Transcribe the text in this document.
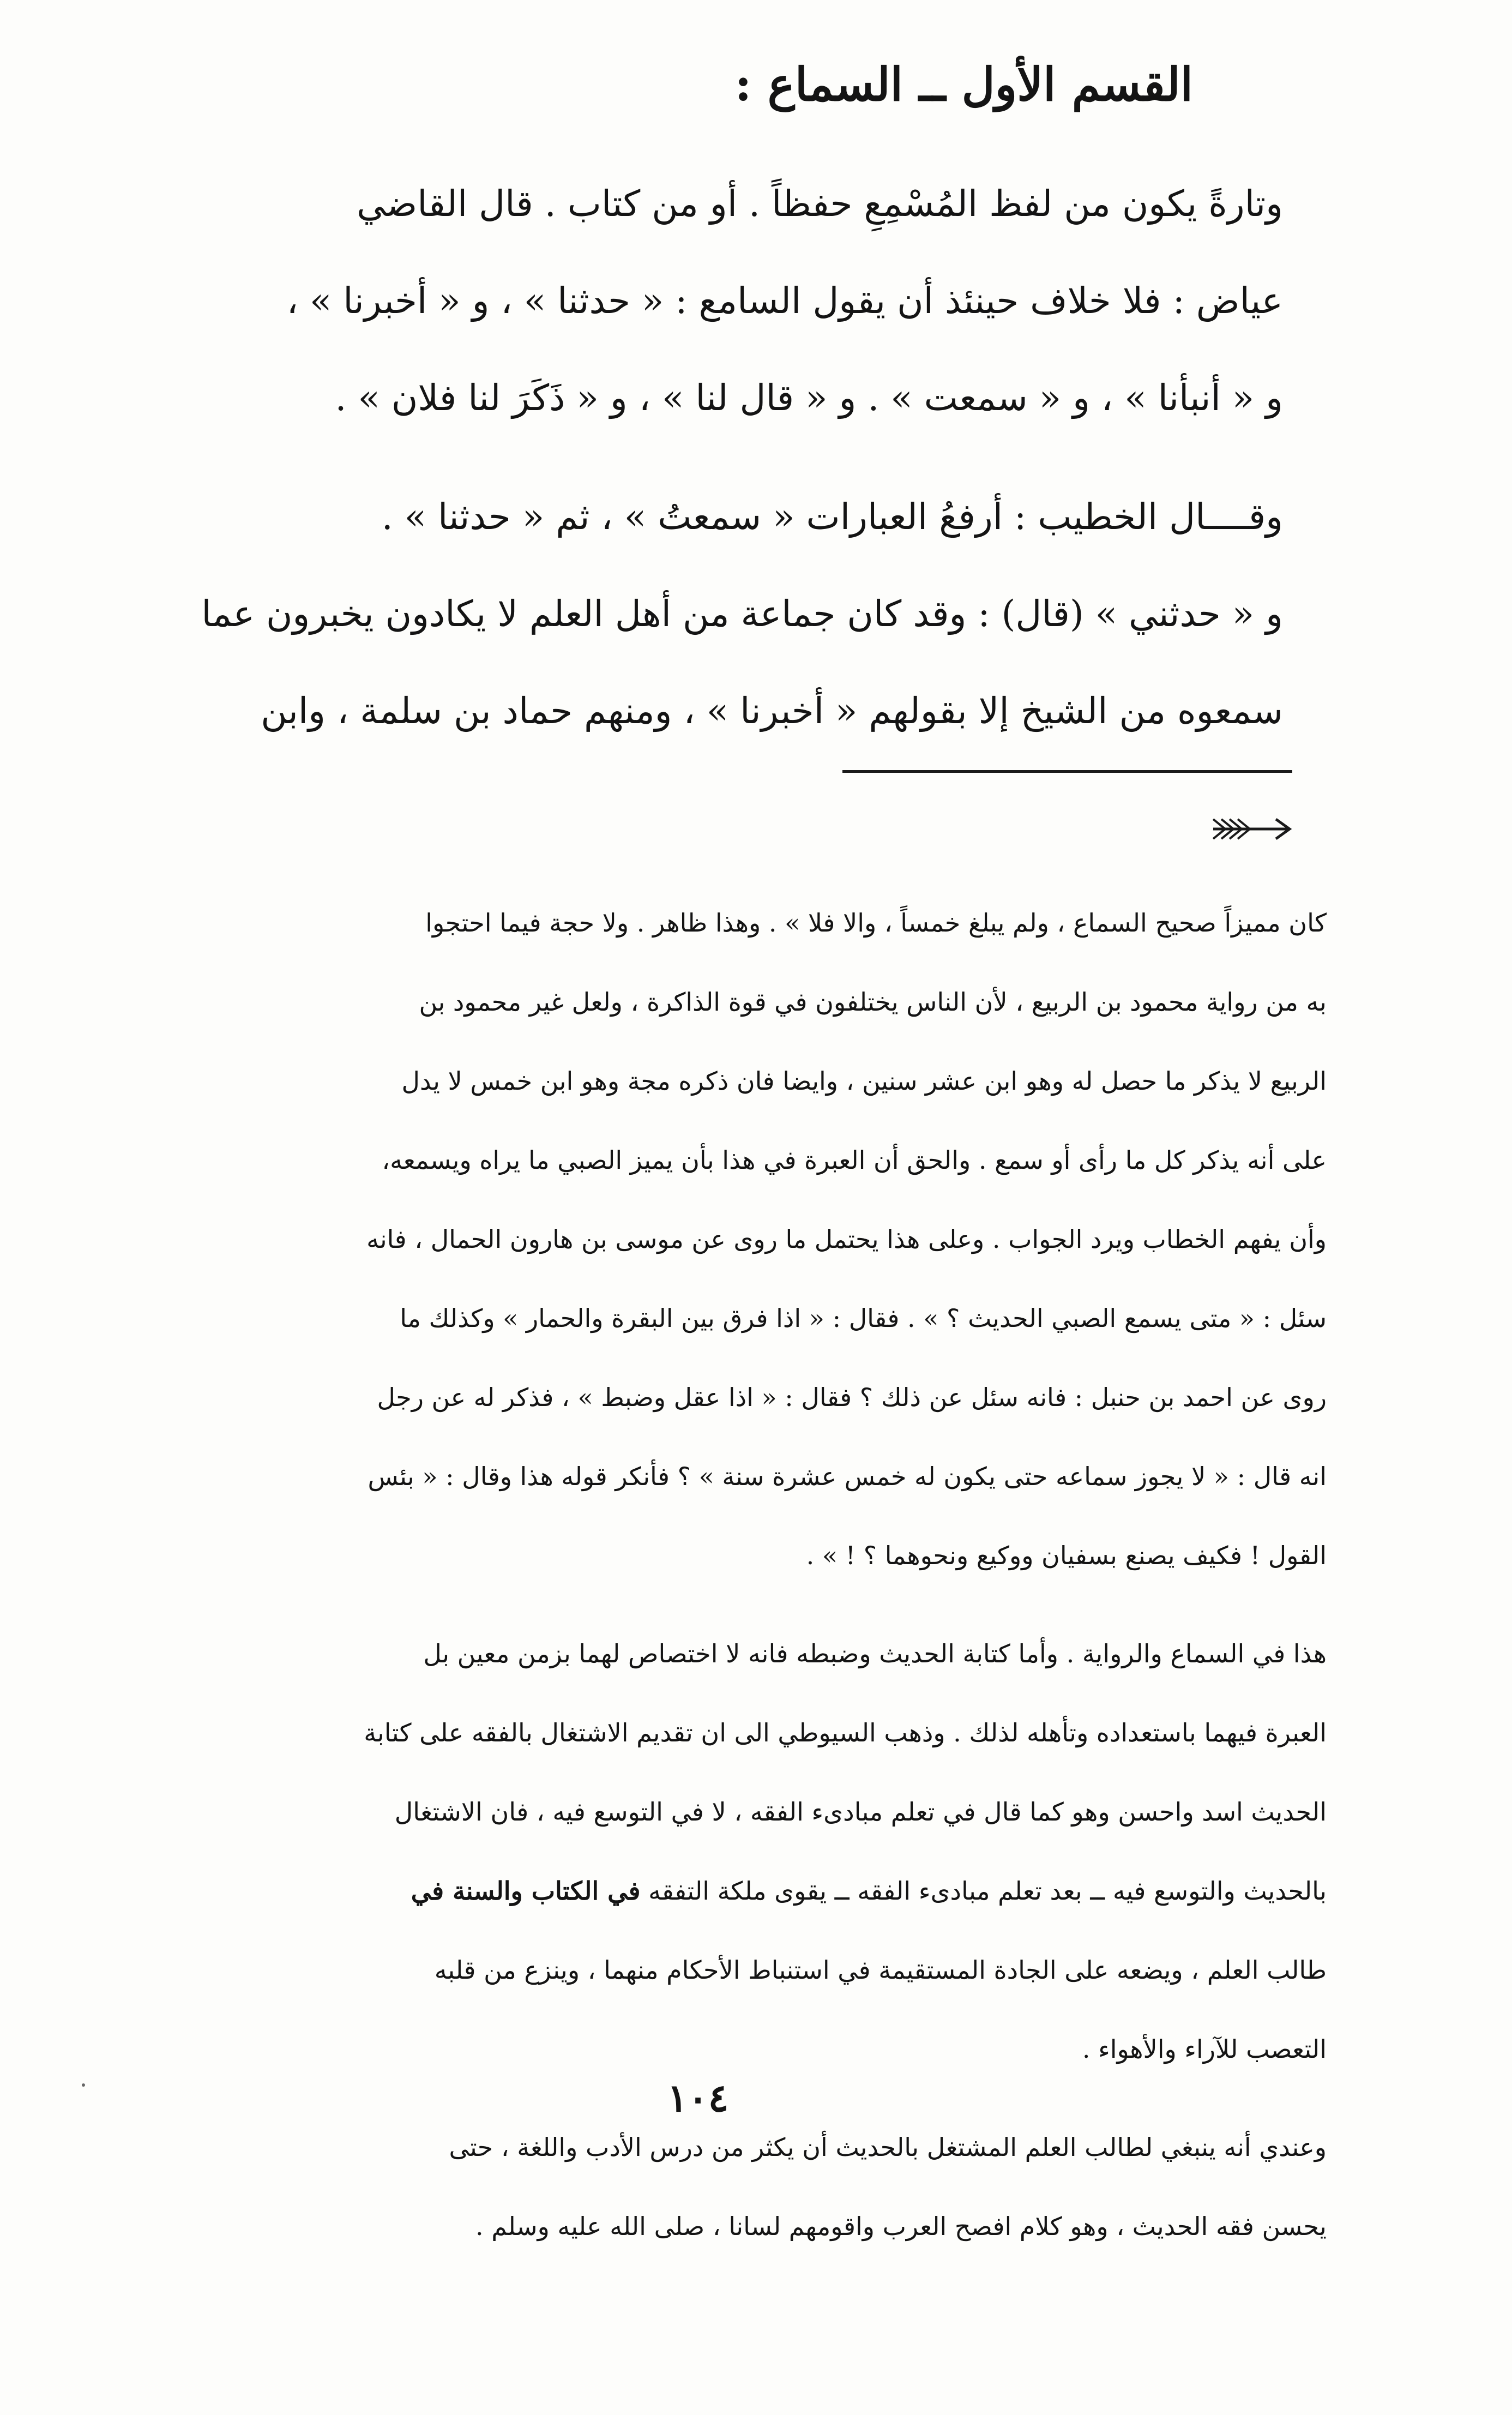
القسم الأول ــ السماع :

وتارةً يكون من لفظ المُسْمِعِ حفظاً . أو من كتاب . قال القاضي
عياض : فلا خلاف حينئذ أن يقول السامع : « حدثنا » ، و « أخبرنا » ،
و « أنبأنا » ، و « سمعت » . و « قال لنا » ، و « ذَكَرَ لنا فلان » .

وقــــال الخطيب : أرفعُ العبارات « سمعتُ » ، ثم « حدثنا » .
و « حدثني » (قال) : وقد كان جماعة من أهل العلم لا يكادون يخبرون عما
سمعوه من الشيخ إلا بقولهم « أخبرنا » ، ومنهم حماد بن سلمة ، وابن

كان مميزاً صحيح السماع ، ولم يبلغ خمساً ، والا فلا » . وهذا ظاهر . ولا حجة فيما احتجوا
به من رواية محمود بن الربيع ، لأن الناس يختلفون في قوة الذاكرة ، ولعل غير محمود بن
الربيع لا يذكر ما حصل له وهو ابن عشر سنين ، وايضا فان ذكره مجة وهو ابن خمس لا يدل
على أنه يذكر كل ما رأى أو سمع . والحق أن العبرة في هذا بأن يميز الصبي ما يراه ويسمعه،
وأن يفهم الخطاب ويرد الجواب . وعلى هذا يحتمل ما روى عن موسى بن هارون الحمال ، فانه
سئل : « متى يسمع الصبي الحديث ؟ » . فقال : « اذا فرق بين البقرة والحمار » وكذلك ما
روى عن احمد بن حنبل : فانه سئل عن ذلك ؟ فقال : « اذا عقل وضبط » ، فذكر له عن رجل
انه قال : « لا يجوز سماعه حتى يكون له خمس عشرة سنة » ؟ فأنكر قوله هذا وقال : « بئس
القول ! فكيف يصنع بسفيان ووكيع ونحوهما ؟ ! » .
هذا في السماع والرواية . وأما كتابة الحديث وضبطه فانه لا اختصاص لهما بزمن معين بل
العبرة فيهما باستعداده وتأهله لذلك . وذهب السيوطي الى ان تقديم الاشتغال بالفقه على كتابة
الحديث اسد واحسن وهو كما قال في تعلم مبادىء الفقه ، لا في التوسع فيه ، فان الاشتغال
بالحديث والتوسع فيه ــ بعد تعلم مبادىء الفقه ــ يقوى ملكة التفقه في الكتاب والسنة في
طالب العلم ، ويضعه على الجادة المستقيمة في استنباط الأحكام منهما ، وينزع من قلبه
التعصب للآراء والأهواء .
وعندي أنه ينبغي لطالب العلم المشتغل بالحديث أن يكثر من درس الأدب واللغة ، حتى
يحسن فقه الحديث ، وهو كلام افصح العرب واقومهم لسانا ، صلى الله عليه وسلم .
١٠٤
